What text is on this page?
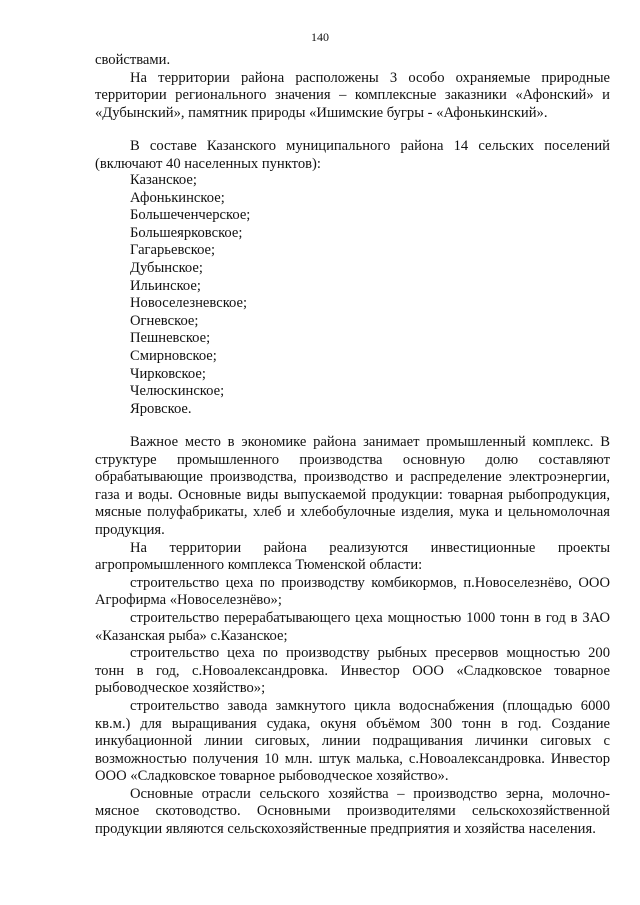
140

свойствами.

На территории района расположены 3 особо охраняемые природные территории регионального значения – комплексные заказники «Афонский» и «Дубынский», памятник природы «Ишимские бугры - «Афонькинский».

В составе Казанского муниципального района 14 сельских поселений (включают 40 населенных пунктов):

Казанское;
Афонькинское;
Большеченчерское;
Большеярковское;
Гагарьевское;
Дубынское;
Ильинское;
Новоселезневское;
Огневское;
Пешневское;
Смирновское;
Чирковское;
Челюскинское;
Яровское.

Важное место в экономике района занимает промышленный комплекс. В структуре промышленного производства основную долю составляют обрабатывающие производства, производство и распределение электроэнергии, газа и воды. Основные виды выпускаемой продукции: товарная рыбопродукция, мясные полуфабрикаты, хлеб и хлебобулочные изделия, мука и цельномолочная продукция.

На территории района реализуются инвестиционные проекты агропромышленного комплекса Тюменской области:

строительство цеха по производству комбикормов, п.Новоселезнёво, ООО Агрофирма «Новоселезнёво»;

строительство перерабатывающего цеха мощностью 1000 тонн в год в ЗАО «Казанская рыба» с.Казанское;

строительство цеха по производству рыбных пресервов мощностью 200 тонн в год, с.Новоалександровка. Инвестор ООО «Сладковское товарное рыбоводческое хозяйство»;

строительство завода замкнутого цикла водоснабжения (площадью 6000 кв.м.) для выращивания судака, окуня объёмом 300 тонн в год. Создание инкубационной линии сиговых, линии подращивания личинки сиговых с возможностью получения 10 млн. штук малька, с.Новоалександровка. Инвестор ООО «Сладковское товарное рыбоводческое хозяйство».

Основные отрасли сельского хозяйства – производство зерна, молочно-мясное скотоводство. Основными производителями сельскохозяйственной продукции являются сельскохозяйственные предприятия и хозяйства населения.
